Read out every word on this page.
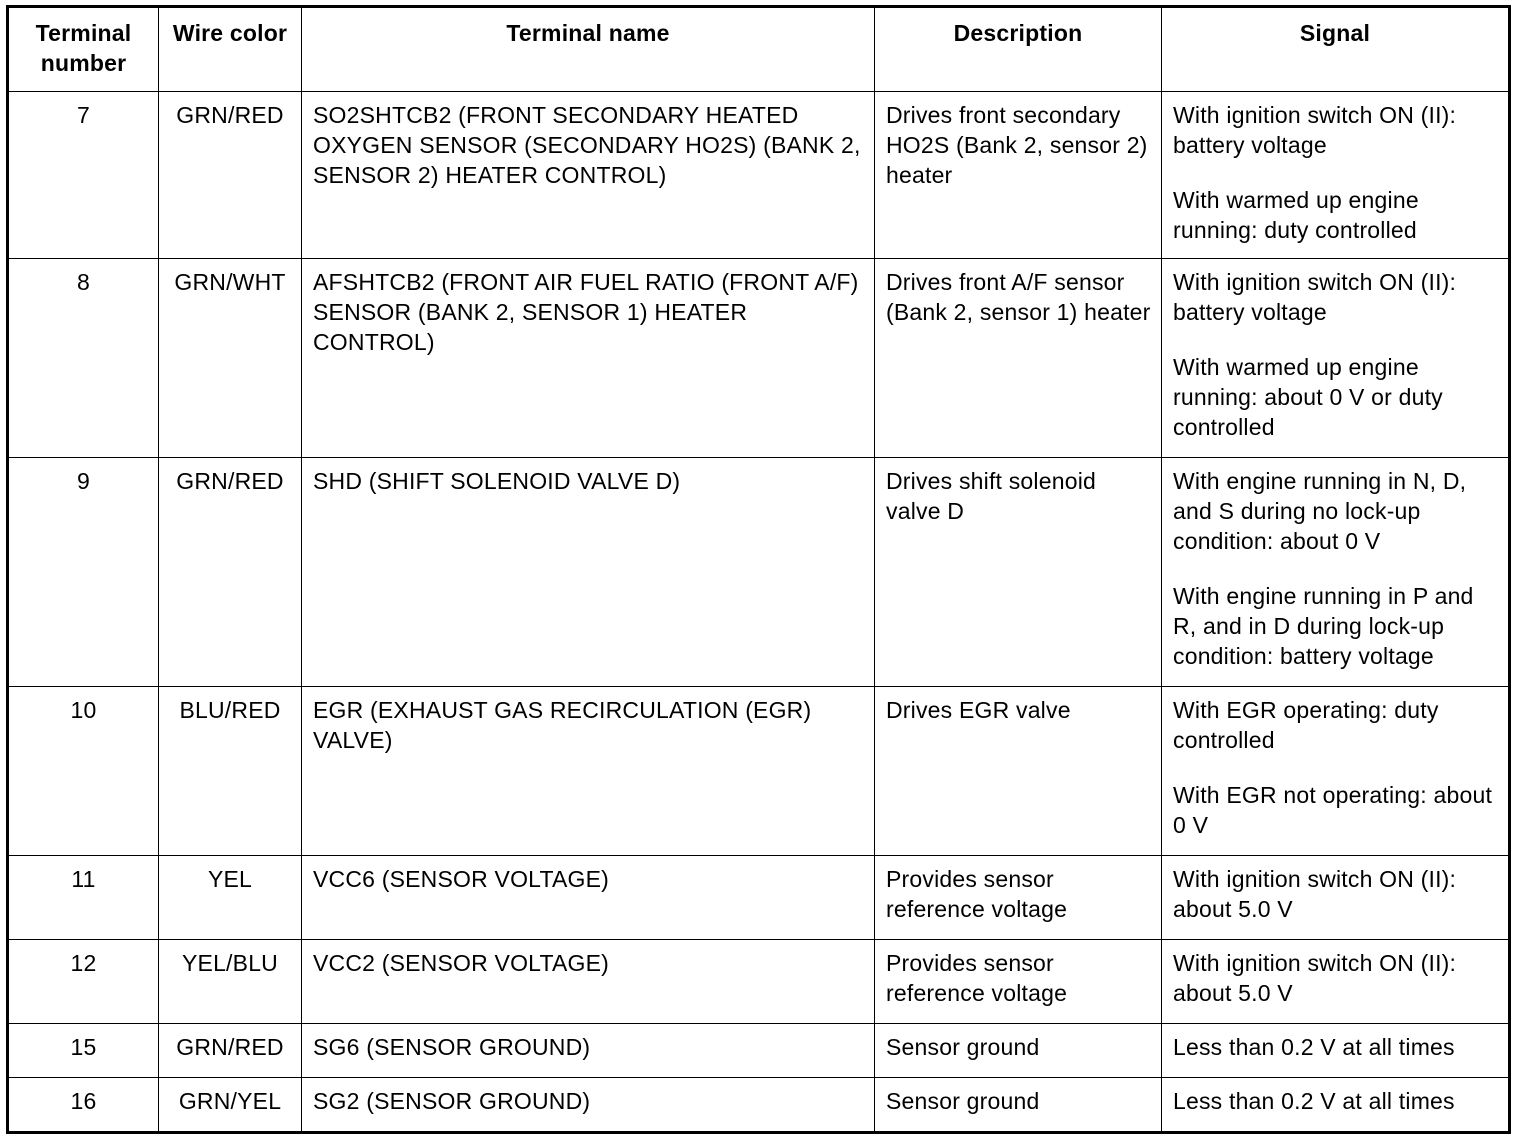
Terminal number	Wire color	Terminal name	Description	Signal
7	GRN/RED	SO2SHTCB2 (FRONT SECONDARY HEATED OXYGEN SENSOR (SECONDARY HO2S) (BANK 2, SENSOR 2) HEATER CONTROL)	Drives front secondary HO2S (Bank 2, sensor 2) heater	With ignition switch ON (II): battery voltage

With warmed up engine running: duty controlled

8	GRN/WHT	AFSHTCB2 (FRONT AIR FUEL RATIO (FRONT A/F) SENSOR (BANK 2, SENSOR 1) HEATER CONTROL)	Drives front A/F sensor (Bank 2, sensor 1) heater	With ignition switch ON (II): battery voltage

With warmed up engine running: about 0 V or duty controlled

9	GRN/RED	SHD (SHIFT SOLENOID VALVE D)	Drives shift solenoid valve D	With engine running in N, D, and S during no lock-up condition: about 0 V

With engine running in P and R, and in D during lock-up condition: battery voltage

10	BLU/RED	EGR (EXHAUST GAS RECIRCULATION (EGR) VALVE)	Drives EGR valve	With EGR operating: duty controlled

With EGR not operating: about 0 V

11	YEL	VCC6 (SENSOR VOLTAGE)	Provides sensor reference voltage	With ignition switch ON (II): about 5.0 V

12	YEL/BLU	VCC2 (SENSOR VOLTAGE)	Provides sensor reference voltage	With ignition switch ON (II): about 5.0 V

15	GRN/RED	SG6 (SENSOR GROUND)	Sensor ground	Less than 0.2 V at all times

16	GRN/YEL	SG2 (SENSOR GROUND)	Sensor ground	Less than 0.2 V at all times
